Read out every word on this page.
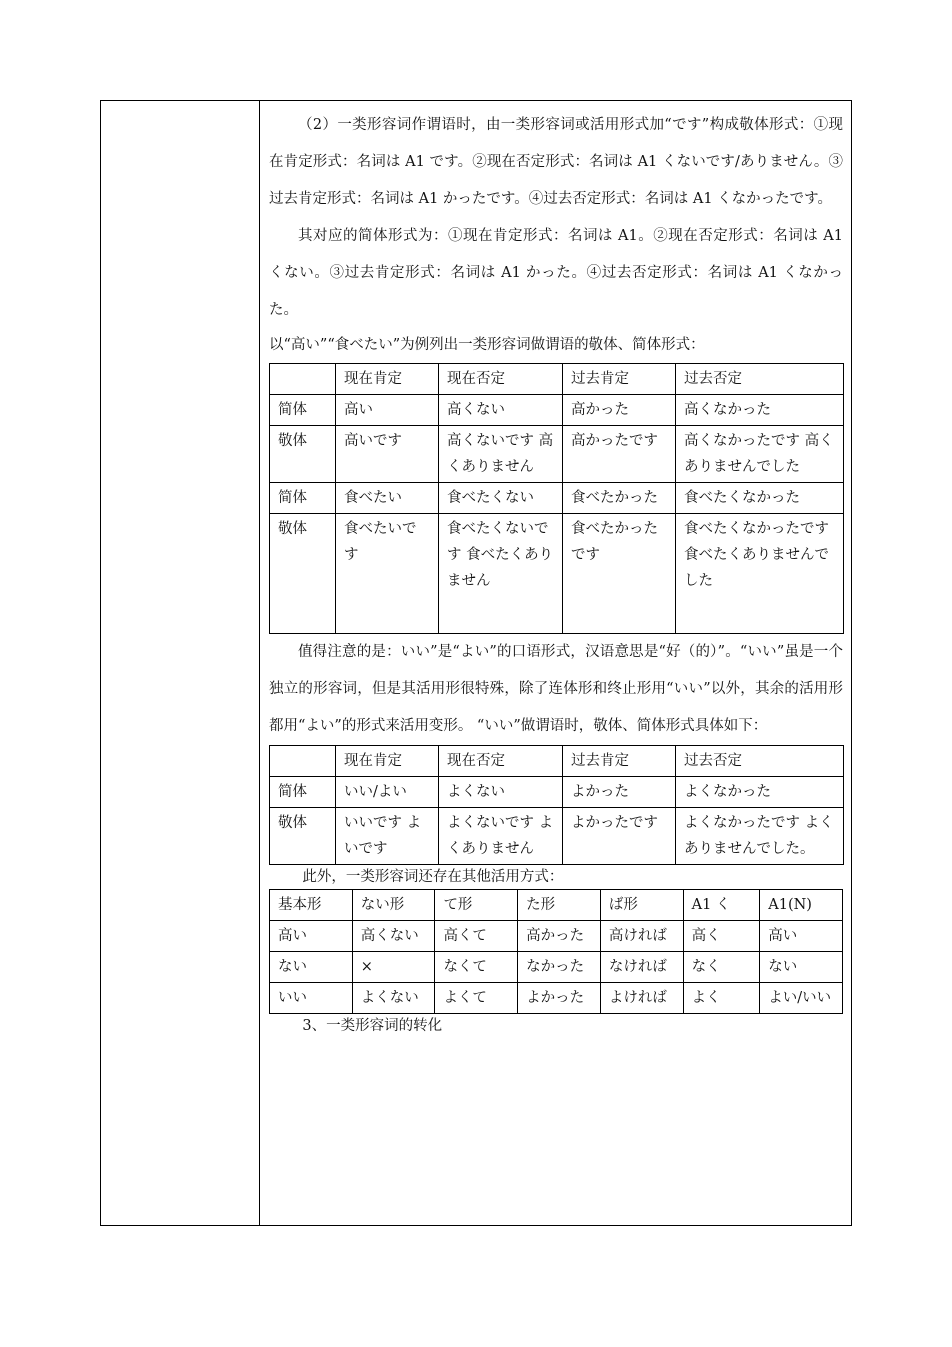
（2）一类形容词作谓语时，由一类形容词或活用形式加“です”构成敬体形式：①现在肯定形式：名词は A1 です。②现在否定形式：名词は A1 くないです/ありません。③过去肯定形式：名词は A1 かったです。④过去否定形式：名词は A1 くなかったです。

其对应的简体形式为：①现在肯定形式：名词は A1。②现在否定形式：名词は A1 くない。③过去肯定形式：名词は A1 かった。④过去否定形式：名词は A1 くなかった。

以“高い”“食べたい”为例列出一类形容词做谓语的敬体、简体形式：

	现在肯定	现在否定	过去肯定	过去否定
简体	高い	高くない	高かった	高くなかった
敬体	高いです	高くないです 高くありません	高かったです	高くなかったです 高くありませんでした
简体	食べたい	食べたくない	食べたかった	食べたくなかった
敬体	食べたいです	食べたくないです 食べたくありません	食べたかったです	食べたくなかったです 食べたくありませんでした

值得注意的是：いい”是“よい”的口语形式，汉语意思是“好（的）”。“いい”虽是一个独立的形容词，但是其活用形很特殊，除了连体形和终止形用“いい”以外，其余的活用形都用“よい”的形式来活用变形。 “いい”做谓语时，敬体、简体形式具体如下：

	现在肯定	现在否定	过去肯定	过去否定
简体	いい/よい	よくない	よかった	よくなかった
敬体	いいです よいです	よくないです よくありません	よかったです	よくなかったです よくありませんでした。

此外，一类形容词还存在其他活用方式：

基本形	ない形	て形	た形	ば形	A1 く	A1(N)
高い	高くない	高くて	高かった	高ければ	高く	高い
ない	×	なくて	なかった	なければ	なく	ない
いい	よくない	よくて	よかった	よければ	よく	よい/いい

3、一类形容词的转化
